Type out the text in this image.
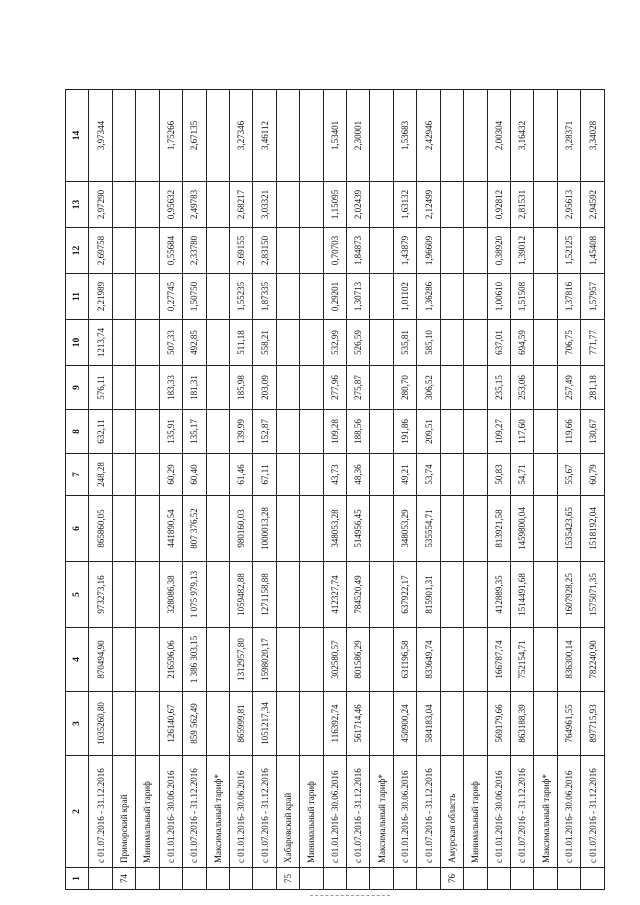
1	2	3	4	5	6	7	8	9	10	11	12	13	14
	с 01.07.2016 - 31.12.2016	1035260,80	870494,90	973273,16	865860,05	248,28	632,11	576,11	1213,74	2,21989	2,69758	2,97290	3,97344
74	Приморский край												
	Минимальный тариф												
	с 01.01.2016- 30.06.2016	126140,67	216596,06	328086,38	441890,54	60,29	135,91	183,33	507,33	0,27745	0,55684	0,95632	1,75266
	с 01.07.2016 - 31.12.2016	859 562,49	1 386 303,15	1 075 979,13	807 376,52	60,40	135,17	181,31	492,85	1,50750	2,33780	2,49783	2,67135
	Максимальный тариф*												
	с 01.01.2016- 30.06.2016	865999,81	1312957,80	1059482,88	980160,03	61,46	139,99	185,98	511,18	1,55235	2,69155	2,68217	3,27346
	с 01.07.2016 - 31.12.2016	1051217,34	1598020,17	1271158,88	1000013,28	67,11	152,87	203,09	558,21	1,87335	2,83150	3,03321	3,46112
75	Хабаровский край												
	Минимальный тариф												
	с 01.01.2016- 30.06.2016	116392,74	302580,57	412327,74	348053,28	43,73	109,28	277,96	532,99	0,29201	0,70703	1,15095	1,53401
	с 01.07.2016 - 31.12.2016	561714,46	801586,29	784520,49	514956,45	48,36	188,56	275,87	526,59	1,30713	1,84873	2,02439	2,30001
	Максимальный тариф*												
	с 01.01.2016- 30.06.2016	450900,24	631196,58	637922,17	348053,29	49,21	191,86	280,70	535,81	1,01102	1,43879	1,63132	1,53683
	с 01.07.2016 - 31.12.2016	584183,04	833649,74	815901,31	535554,71	53,74	209,51	306,52	585,10	1,36286	1,96609	2,12499	2,42946
76	Амурская область												
	Минимальный тариф												
	с 01.01.2016- 30.06.2016	569179,66	166787,74	412889,35	813921,58	50,83	109,27	235,15	637,01	1,00610	0,38920	0,92812	2,00304
	с 01.07.2016 - 31.12.2016	863188,39	752154,71	1514491,68	1459800,04	54,71	117,60	253,06	694,59	1,51508	1,39012	2,81531	3,16432
	Максимальный тариф*												
	с 01.01.2016- 30.06.2016	764961,55	836300,14	1607928,25	1535423,65	55,67	119,66	257,49	706,75	1,37816	1,52125	2,95613	3,28371
	с 01.07.2016 - 31.12.2016	897715,93	782240,90	1575071,35	1518192,04	60,79	130,67	281,18	771,77	1,57957	1,45408	2,94592	3,34028
